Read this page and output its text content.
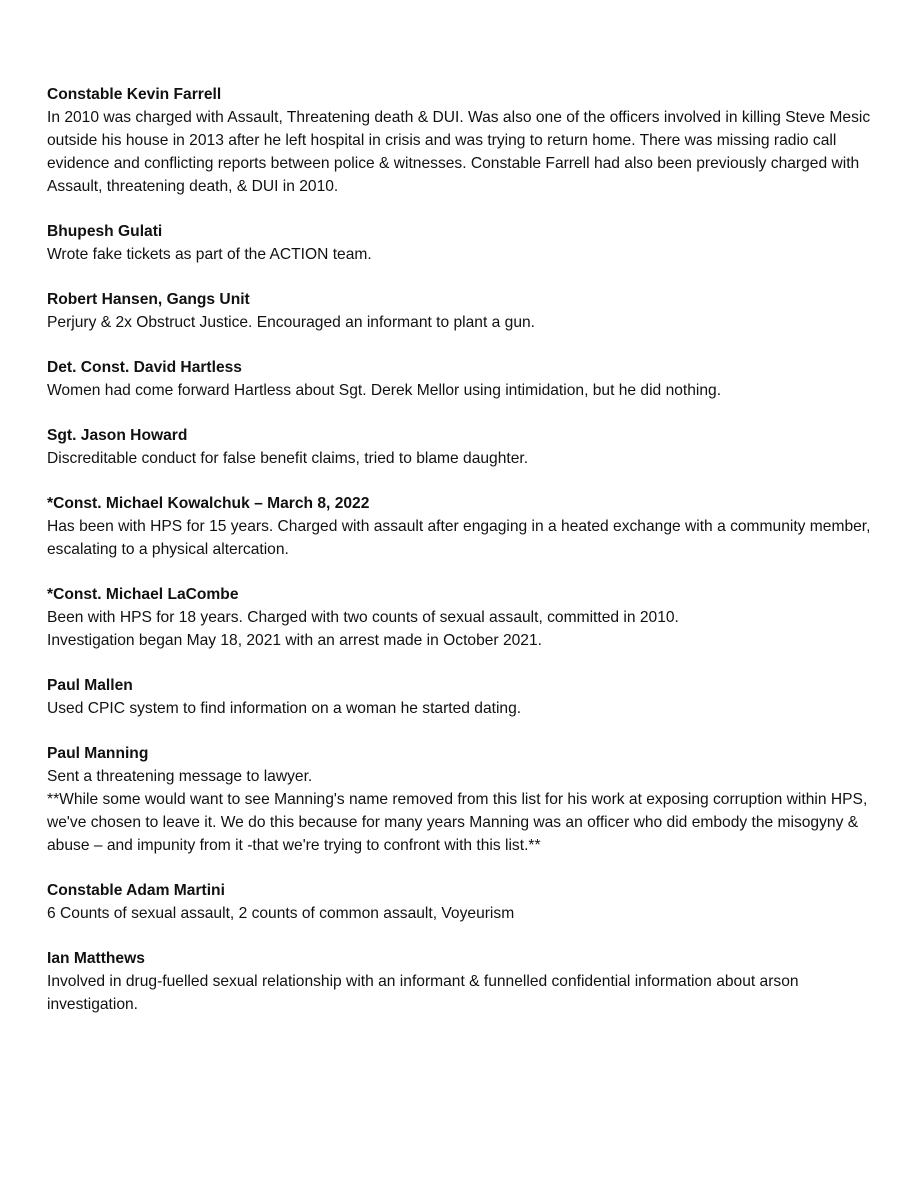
Constable Kevin Farrell
In 2010 was charged with Assault, Threatening death & DUI. Was also one of the officers involved in killing Steve Mesic outside his house in 2013 after he left hospital in crisis and was trying to return home. There was missing radio call evidence and conflicting reports between police & witnesses. Constable Farrell had also been previously charged with Assault, threatening death, & DUI in 2010.
Bhupesh Gulati
Wrote fake tickets as part of the ACTION team.
Robert Hansen, Gangs Unit
Perjury & 2x Obstruct Justice. Encouraged an informant to plant a gun.
Det. Const. David Hartless
Women had come forward Hartless about Sgt. Derek Mellor using intimidation, but he did nothing.
Sgt. Jason Howard
Discreditable conduct for false benefit claims, tried to blame daughter.
*Const. Michael Kowalchuk – March 8, 2022
Has been with HPS for 15 years. Charged with assault after engaging in a heated exchange with a community member, escalating to a physical altercation.
*Const. Michael LaCombe
Been with HPS for 18 years. Charged with two counts of sexual assault, committed in 2010.
Investigation began May 18, 2021 with an arrest made in October 2021.
Paul Mallen
Used CPIC system to find information on a woman he started dating.
Paul Manning
Sent a threatening message to lawyer.
**While some would want to see Manning's name removed from this list for his work at exposing corruption within HPS, we've chosen to leave it. We do this because for many years Manning was an officer who did embody the misogyny & abuse – and impunity from it -that we're trying to confront with this list.**
Constable Adam Martini
6 Counts of sexual assault, 2 counts of common assault, Voyeurism
Ian Matthews
Involved in drug-fuelled sexual relationship with an informant & funnelled confidential information about arson investigation.
